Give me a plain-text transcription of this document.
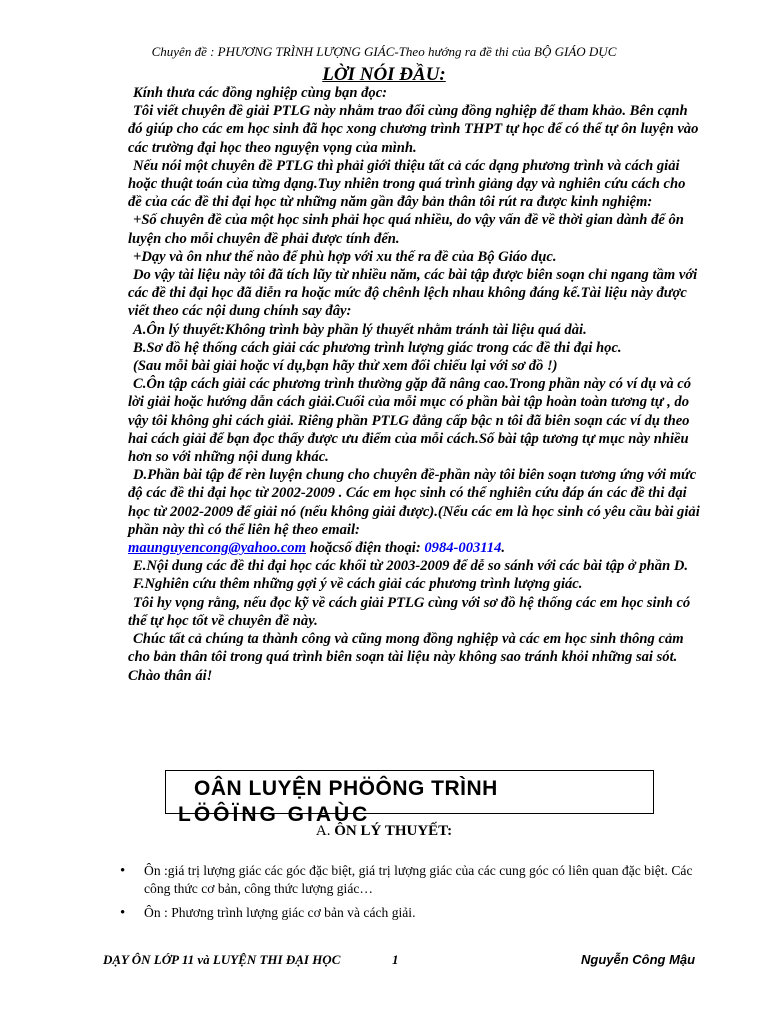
Chuyên đề : PHƯƠNG TRÌNH LƯỢNG GIÁC-Theo hướng ra đề thi của BỘ GIÁO DỤC
LỜI NÓI ĐẦU:

Kính thưa các đồng nghiệp cùng bạn đọc:

Tôi viết chuyên đề giải PTLG này nhằm trao đổi cùng đồng nghiệp để tham khảo. Bên cạnh đó giúp cho các em học sinh đã học xong chương trình THPT tự học để có thể tự ôn luyện vào các trường đại học theo nguyện vọng của mình.

Nếu nói một chuyên đề PTLG thì phải giới thiệu tất cả các dạng phương trình và cách giải hoặc thuật toán của từng dạng.Tuy nhiên trong quá trình giảng dạy và nghiên cứu cách cho đề của các đề thi đại học từ những năm gần đây bản thân tôi rút ra được kinh nghiệm:

+Số chuyên đề của một học sinh phải học quá nhiều, do vậy vấn đề về thời gian dành để ôn luyện cho mỗi chuyên đề phải được tính đến.

+Dạy và ôn như thế nào để phù hợp với xu thế ra đề của Bộ Giáo dục.

Do vậy tài liệu này tôi đã tích lũy từ nhiều năm, các bài tập được biên soạn chỉ ngang tầm với các đề thi đại học đã diễn ra hoặc mức độ chênh lệch nhau không đáng kể.Tài liệu này được viết theo các nội dung chính say đây:

A.Ôn lý thuyết:Không trình bày phần lý thuyết nhằm tránh tài liệu quá dài.

B.Sơ đồ hệ thống cách giải các phương trình lượng giác trong các đề thi đại học.

(Sau mỗi bài giải hoặc ví dụ,bạn hãy thử xem đối chiếu lại với sơ đồ !)

C.Ôn tập cách giải các phương trình thường gặp đã nâng cao.Trong phần này có ví dụ và có lời giải hoặc hướng dẫn cách giải.Cuối của mỗi mục có phần bài tập hoàn toàn tương tự , do vậy tôi không ghi cách giải. Riêng phần PTLG đẳng cấp bậc n tôi đã biên soạn các ví dụ theo hai cách giải để bạn đọc thấy được ưu điểm của mỗi cách.Số bài tập tương tự mục này nhiều hơn so với những nội dung khác.

D.Phần bài tập để rèn luyện chung cho chuyên đề-phần này tôi biên soạn tương ứng với mức độ các đề thi đại học từ 2002-2009 . Các em học sinh có thể nghiên cứu đáp án các đề thi đại học từ 2002-2009 để giải nó (nếu không giải được).(Nếu các em là học sinh có yêu cầu bài giải phần này thì có thể liên hệ theo email:

maunguyencong@yahoo.com hoặcsố điện thoại: 0984-003114.

E.Nội dung các đề thi đại học các khối từ 2003-2009 để dễ so sánh với các bài tập ở phần D.

F.Nghiên cứu thêm những gợi ý về cách giải các phương trình lượng giác.

Tôi hy vọng rằng, nếu đọc kỹ về cách giải PTLG cùng với sơ đồ hệ thống các em học sinh có thể tự học tốt về chuyên đề này.

Chúc tất cả chúng ta thành công và cũng mong đồng nghiệp và các em học sinh thông cảm cho bản thân tôi trong quá trình biên soạn tài liệu này không sao tránh khỏi những sai sót. Chào thân ái!

OÂN LUYỆN PHÖÔNG TRÌNH
LÖÔÏNG GIAÙC
A. ÔN LÝ THUYẾT:
• Ôn :giá trị lượng giác các góc đặc biệt, giá trị lượng giác của các cung góc có liên quan đặc biệt. Các công thức cơ bản, công thức lượng giác…
• Ôn : Phương trình lượng giác cơ bản và cách giải.
DẠY ÔN LỚP 11 và LUYỆN THI ĐẠI HỌC	1	Nguyễn Công Mậu
